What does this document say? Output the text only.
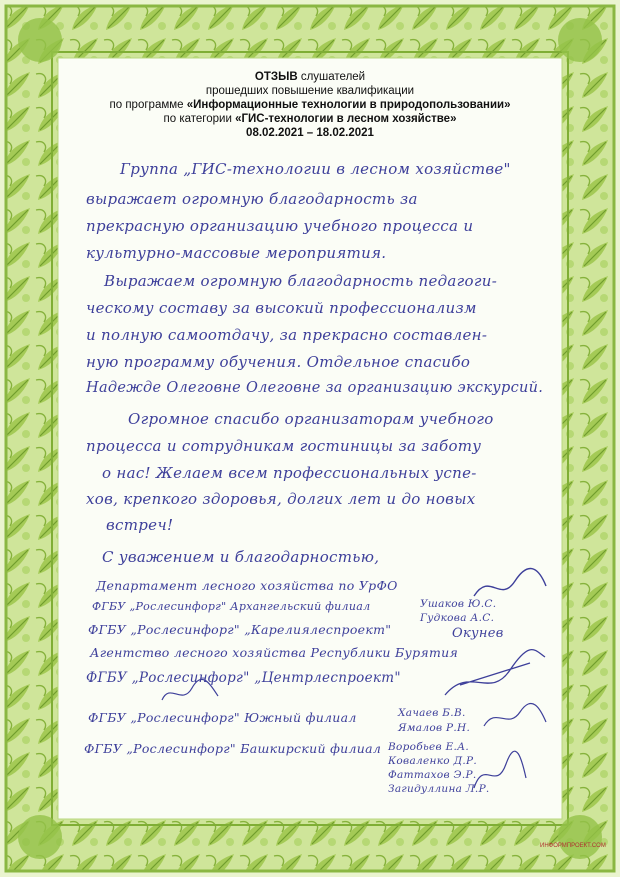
ОТЗЫВ слушателей
прошедших повышение квалификации
по программе «Информационные технологии в природопользовании»
по категории «ГИС-технологии в лесном хозяйстве»
08.02.2021 – 18.02.2021
Группа „ГИС-технологии в лесном хозяйстве"
выражает огромную благодарность за
прекрасную организацию учебного процесса и
культурно-массовые мероприятия.
Выражаем огромную благодарность педагоги-
ческому составу за высокий профессионализм
и полную самоотдачу, за прекрасно составлен-
ную программу обучения. Отдельное спасибо
Надежде Олеговне Олеговне за организацию экскурсий.
Огромное спасибо организаторам учебного
процесса и сотрудникам гостиницы за заботу
о нас! Желаем всем профессиональных успе-
хов, крепкого здоровья, долгих лет и до новых
встреч!
С уважением и благодарностью,
Департамент лесного хозяйства по УрФО
ФГБУ „Рослесинфорг" Архангельский филиал	Ушаков Ю.С.
Гудкова А.С.
ФГБУ „Рослесинфорг" „Карелиялеспроект"	Окунев
Агентство лесного хозяйства Республики Бурятия
ФГБУ „Рослесинфорг" „Центрлеспроект"
ФГБУ „Рослесинфорг" Южный филиал	Хачаев Б.В.
Ямалов Р.Н.
ФГБУ „Рослесинфорг" Башкирский филиал Воробьев Е.А.
Коваленко Д.Р.
Фаттахов Э.Р.
Загидуллина Л.Р.
ИНФОРМПРОЕКТ.COM
